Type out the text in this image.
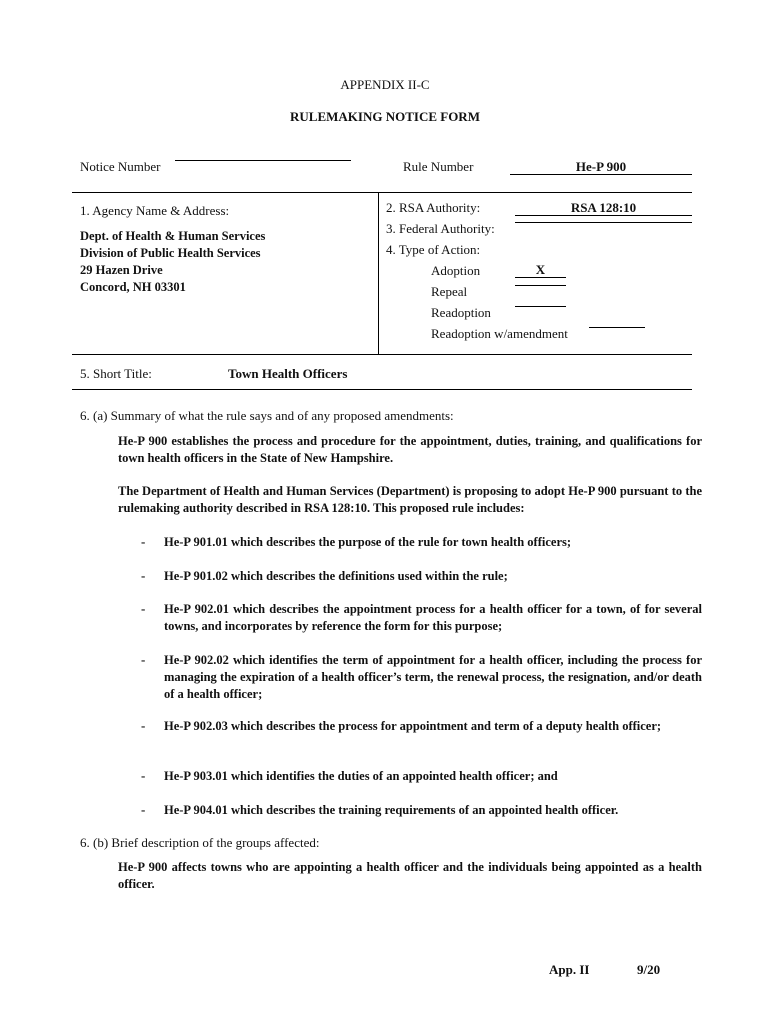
APPENDIX II-C
RULEMAKING NOTICE FORM
Notice Number	Rule Number	He-P 900
1. Agency Name & Address:
Dept. of Health & Human Services
Division of Public Health Services
29 Hazen Drive
Concord, NH 03301
2. RSA Authority:	RSA 128:10
3. Federal Authority:
4. Type of Action:
Adoption	X
Repeal
Readoption
Readoption w/amendment
5. Short Title:	Town Health Officers
6. (a) Summary of what the rule says and of any proposed amendments:
He-P 900 establishes the process and procedure for the appointment, duties, training, and qualifications for town health officers in the State of New Hampshire.
The Department of Health and Human Services (Department) is proposing to adopt He-P 900 pursuant to the rulemaking authority described in RSA 128:10. This proposed rule includes:
- He-P 901.01 which describes the purpose of the rule for town health officers;
- He-P 901.02 which describes the definitions used within the rule;
- He-P 902.01 which describes the appointment process for a health officer for a town, of for several towns, and incorporates by reference the form for this purpose;
- He-P 902.02 which identifies the term of appointment for a health officer, including the process for managing the expiration of a health officer’s term, the renewal process, the resignation, and/or death of a health officer;
- He-P 902.03 which describes the process for appointment and term of a deputy health officer;
- He-P 903.01 which identifies the duties of an appointed health officer; and
- He-P 904.01 which describes the training requirements of an appointed health officer.
6. (b) Brief description of the groups affected:
He-P 900 affects towns who are appointing a health officer and the individuals being appointed as a health officer.
App. II	9/20
